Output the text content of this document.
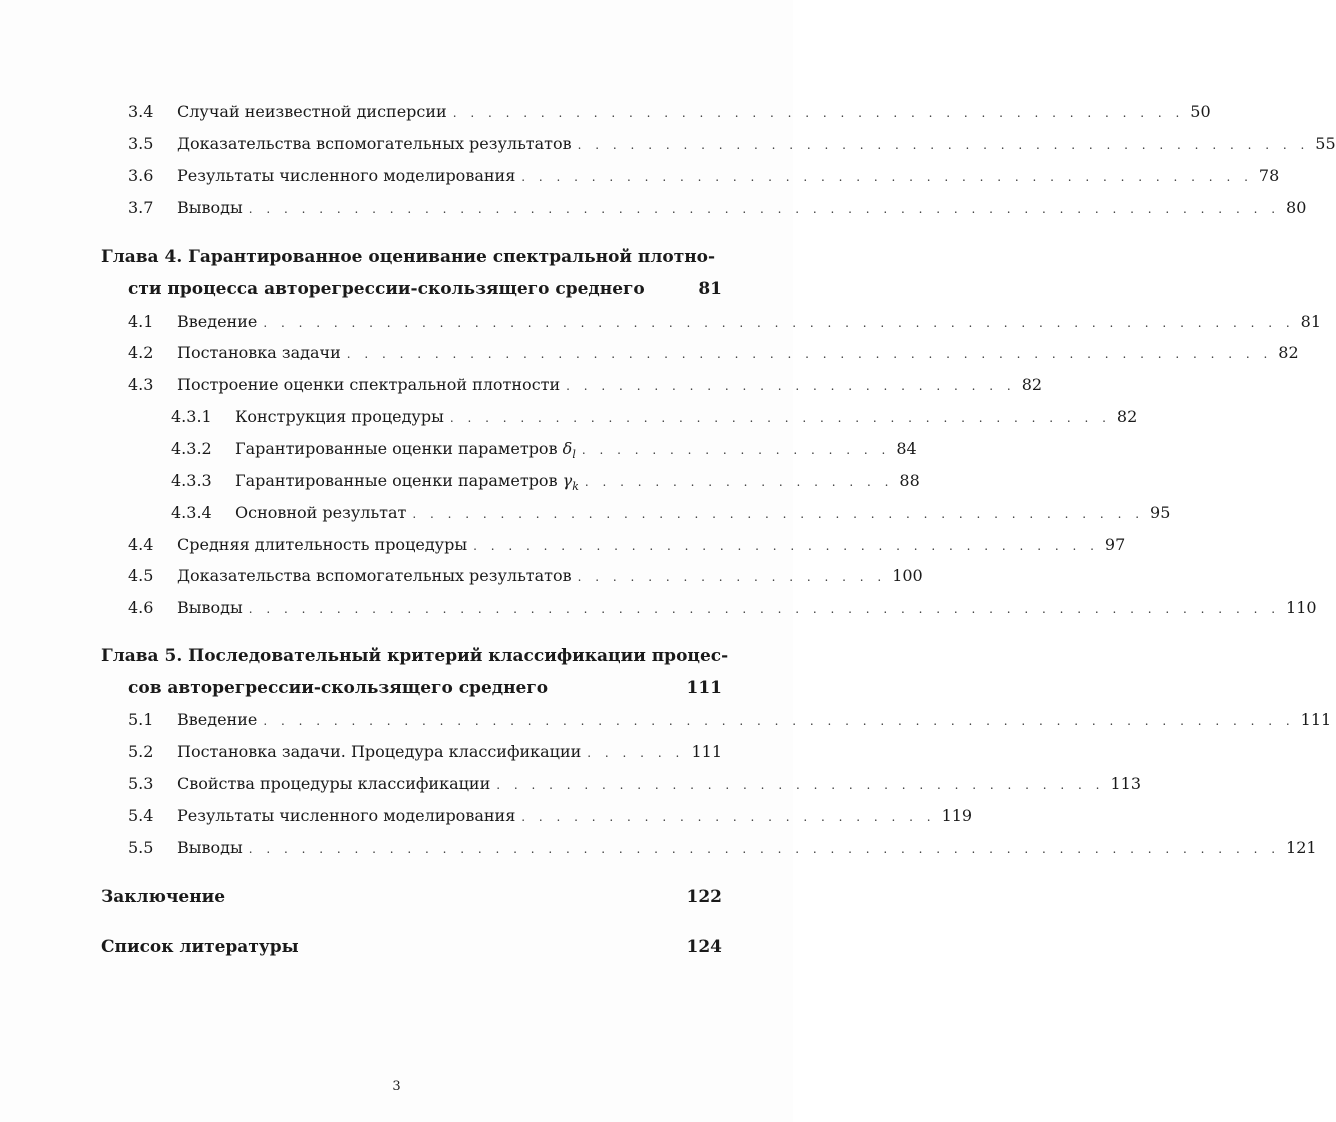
3.4 Случай неизвестной дисперсии . . . . . . . . . . . . . . . . . . . . . . . . . . . . . . . . . . . . . . . . . . 50
3.5 Доказательства вспомогательных результатов . . . . . . . . . . . . . . . . . . . . . . . . . . . . . . . . . . . . . . . . . . 55
3.6 Результаты численного моделирования . . . . . . . . . . . . . . . . . . . . . . . . . . . . . . . . . . . . . . . . . . 78
3.7 Выводы . . . . . . . . . . . . . . . . . . . . . . . . . . . . . . . . . . . . . . . . . . . . . . . . . . . . . . . . . . . 80
Глава 4. Гарантированное оценивание спектральной плотно-
сти процесса авторегрессии-скользящего среднего	81
4.1 Введение . . . . . . . . . . . . . . . . . . . . . . . . . . . . . . . . . . . . . . . . . . . . . . . . . . . . . . . . . . . 81
4.2 Постановка задачи . . . . . . . . . . . . . . . . . . . . . . . . . . . . . . . . . . . . . . . . . . . . . . . . . . . . . 82
4.3 Построение оценки спектральной плотности . . . . . . . . . . . . . . . . . . . . . . . . . . 82
4.3.1 Конструкция процедуры . . . . . . . . . . . . . . . . . . . . . . . . . . . . . . . . . . . . . . 82
4.3.2 Гарантированные оценки параметров $\delta_l$ . . . . . . . . . . . . . . . . . . 84
4.3.3 Гарантированные оценки параметров $\gamma_k$ . . . . . . . . . . . . . . . . . . 88
4.3.4 Основной результат . . . . . . . . . . . . . . . . . . . . . . . . . . . . . . . . . . . . . . . . . . 95
4.4 Средняя длительность процедуры . . . . . . . . . . . . . . . . . . . . . . . . . . . . . . . . . . . . 97
4.5 Доказательства вспомогательных результатов . . . . . . . . . . . . . . . . . . 100
4.6 Выводы . . . . . . . . . . . . . . . . . . . . . . . . . . . . . . . . . . . . . . . . . . . . . . . . . . . . . . . . . . . 110
Глава 5. Последовательный критерий классификации процес-
сов авторегрессии-скользящего среднего	111
5.1 Введение . . . . . . . . . . . . . . . . . . . . . . . . . . . . . . . . . . . . . . . . . . . . . . . . . . . . . . . . . . . 111
5.2 Постановка задачи. Процедура классификации . . . . . . 111
5.3 Свойства процедуры классификации . . . . . . . . . . . . . . . . . . . . . . . . . . . . . . . . . . . 113
5.4 Результаты численного моделирования . . . . . . . . . . . . . . . . . . . . . . . . 119
5.5 Выводы . . . . . . . . . . . . . . . . . . . . . . . . . . . . . . . . . . . . . . . . . . . . . . . . . . . . . . . . . . . 121
Заключение	122
Список литературы	124
3
